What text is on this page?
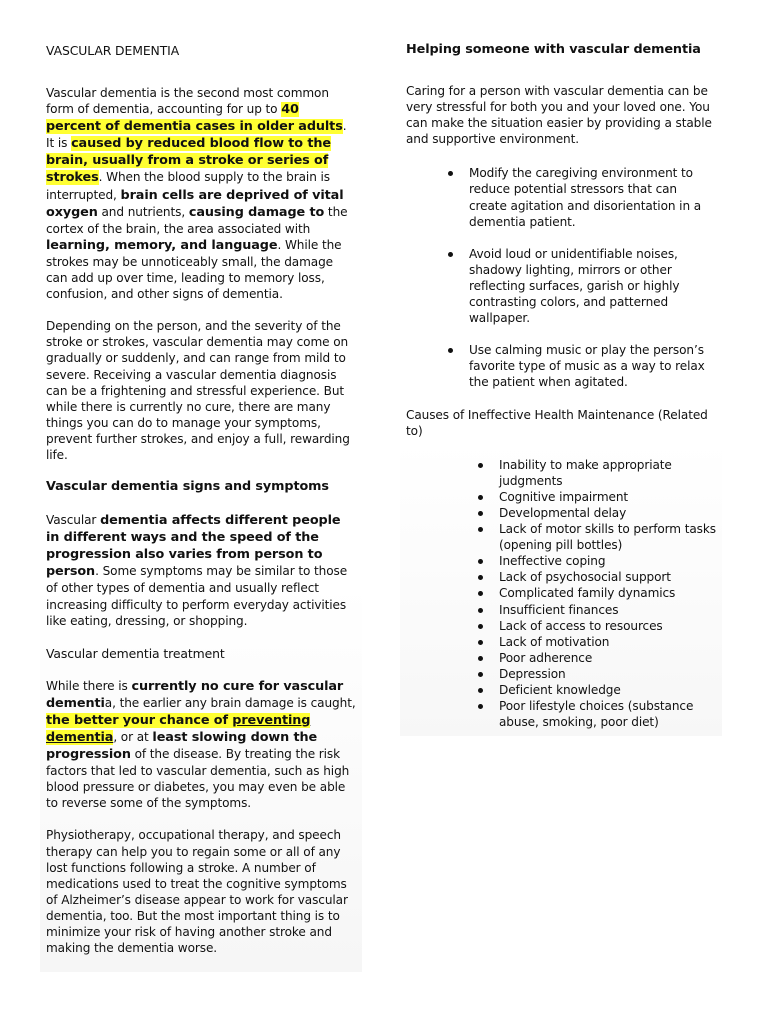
VASCULAR DEMENTIA

Vascular dementia is the second most common form of dementia, accounting for up to 40 percent of dementia cases in older adults. It is caused by reduced blood flow to the brain, usually from a stroke or series of strokes. When the blood supply to the brain is interrupted, brain cells are deprived of vital oxygen and nutrients, causing damage to the cortex of the brain, the area associated with learning, memory, and language. While the strokes may be unnoticeably small, the damage can add up over time, leading to memory loss, confusion, and other signs of dementia.

Depending on the person, and the severity of the stroke or strokes, vascular dementia may come on gradually or suddenly, and can range from mild to severe. Receiving a vascular dementia diagnosis can be a frightening and stressful experience. But while there is currently no cure, there are many things you can do to manage your symptoms, prevent further strokes, and enjoy a full, rewarding life.

Vascular dementia signs and symptoms

Vascular dementia affects different people in different ways and the speed of the progression also varies from person to person. Some symptoms may be similar to those of other types of dementia and usually reflect increasing difficulty to perform everyday activities like eating, dressing, or shopping.

Vascular dementia treatment

While there is currently no cure for vascular dementia, the earlier any brain damage is caught, the better your chance of preventing dementia, or at least slowing down the progression of the disease. By treating the risk factors that led to vascular dementia, such as high blood pressure or diabetes, you may even be able to reverse some of the symptoms.

Physiotherapy, occupational therapy, and speech therapy can help you to regain some or all of any lost functions following a stroke. A number of medications used to treat the cognitive symptoms of Alzheimer’s disease appear to work for vascular dementia, too. But the most important thing is to minimize your risk of having another stroke and making the dementia worse.

Helping someone with vascular dementia

Caring for a person with vascular dementia can be very stressful for both you and your loved one. You can make the situation easier by providing a stable and supportive environment.

Modify the caregiving environment to reduce potential stressors that can create agitation and disorientation in a dementia patient.
Avoid loud or unidentifiable noises, shadowy lighting, mirrors or other reflecting surfaces, garish or highly contrasting colors, and patterned wallpaper.
Use calming music or play the person’s favorite type of music as a way to relax the patient when agitated.

Causes of Ineffective Health Maintenance (Related to)

Inability to make appropriate judgments
Cognitive impairment
Developmental delay
Lack of motor skills to perform tasks (opening pill bottles)
Ineffective coping
Lack of psychosocial support
Complicated family dynamics
Insufficient finances
Lack of access to resources
Lack of motivation
Poor adherence
Depression
Deficient knowledge
Poor lifestyle choices (substance abuse, smoking, poor diet)
